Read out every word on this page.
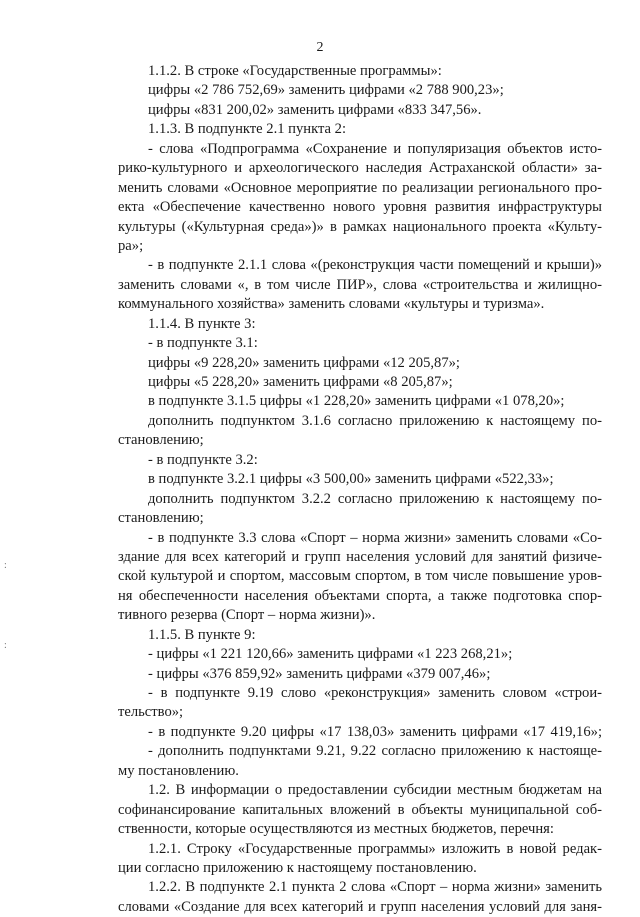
2
1.1.2. В строке «Государственные программы»:
цифры «2 786 752,69» заменить цифрами «2 788 900,23»;
цифры «831 200,02» заменить цифрами «833 347,56».
1.1.3. В подпункте 2.1 пункта 2:
- слова «Подпрограмма «Сохранение и популяризация объектов исто-
рико-культурного и археологического наследия Астраханской области» за-
менить словами «Основное мероприятие по реализации регионального про-
екта «Обеспечение качественно нового уровня развития инфраструктуры
культуры («Культурная среда»)» в рамках национального проекта «Культу-
ра»;
- в подпункте 2.1.1 слова «(реконструкция части помещений и крыши)»
заменить словами «, в том числе ПИР», слова «строительства и жилищно-
коммунального хозяйства» заменить словами «культуры и туризма».
1.1.4. В пункте 3:
- в подпункте 3.1:
цифры «9 228,20» заменить цифрами «12 205,87»;
цифры «5 228,20» заменить цифрами «8 205,87»;
в подпункте 3.1.5 цифры «1 228,20» заменить цифрами «1 078,20»;
дополнить подпунктом 3.1.6 согласно приложению к настоящему по-
становлению;
- в подпункте 3.2:
в подпункте 3.2.1 цифры «3 500,00» заменить цифрами «522,33»;
дополнить подпунктом 3.2.2 согласно приложению к настоящему по-
становлению;
- в подпункте 3.3 слова «Спорт – норма жизни» заменить словами «Со-
здание для всех категорий и групп населения условий для занятий физиче-
ской культурой и спортом, массовым спортом, в том числе повышение уров-
ня обеспеченности населения объектами спорта, а также подготовка спор-
тивного резерва (Спорт – норма жизни)».
1.1.5. В пункте 9:
- цифры «1 221 120,66» заменить цифрами «1 223 268,21»;
- цифры «376 859,92» заменить цифрами «379 007,46»;
- в подпункте 9.19 слово «реконструкция» заменить словом «строи-
тельство»;
- в подпункте 9.20 цифры «17 138,03» заменить цифрами «17 419,16»;
- дополнить подпунктами 9.21, 9.22 согласно приложению к настояще-
му постановлению.
1.2. В информации о предоставлении субсидии местным бюджетам на
софинансирование капитальных вложений в объекты муниципальной соб-
ственности, которые осуществляются из местных бюджетов, перечня:
1.2.1. Строку «Государственные программы» изложить в новой редак-
ции согласно приложению к настоящему постановлению.
1.2.2. В подпункте 2.1 пункта 2 слова «Спорт – норма жизни» заменить
словами «Создание для всех категорий и групп населения условий для заня-
:
:
